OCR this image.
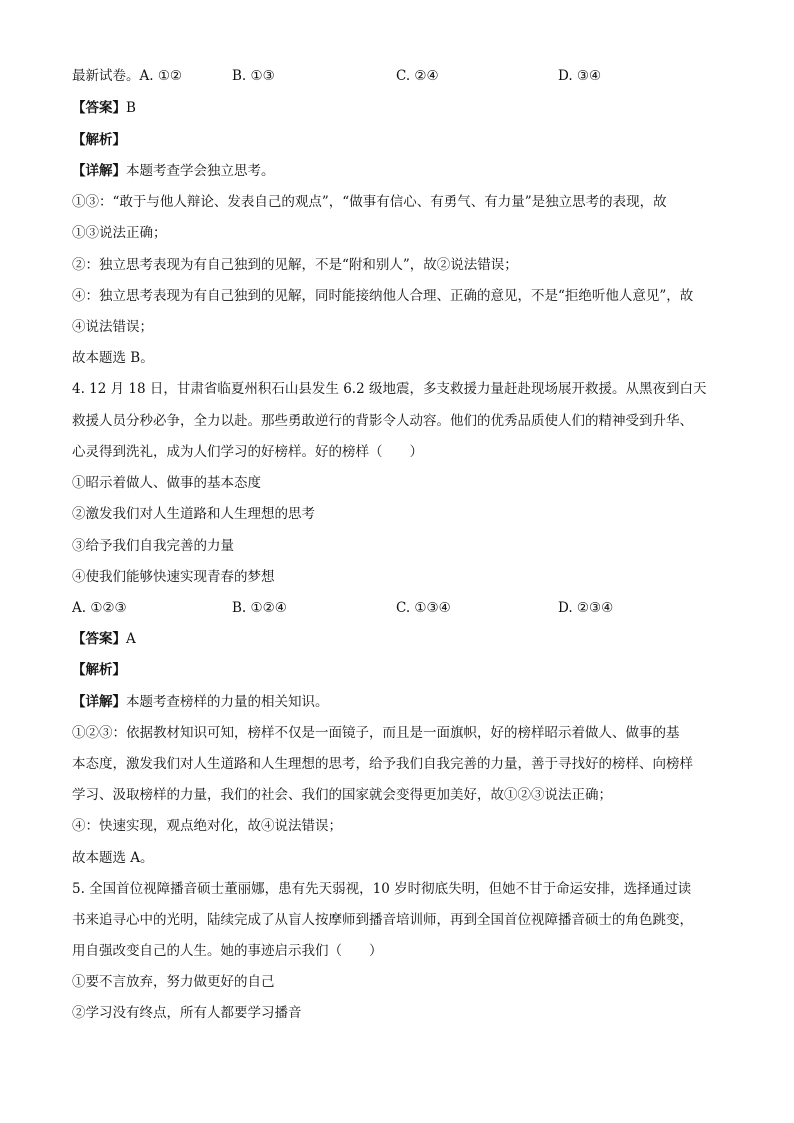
最新试卷。A. ①②	B. ①③	C. ②④	D. ③④
【答案】B
【解析】
【详解】本题考查学会独立思考。
①③：“敢于与他人辩论、发表自己的观点”，“做事有信心、有勇气、有力量”是独立思考的表现，故
①③说法正确；
②：独立思考表现为有自己独到的见解，不是“附和别人”，故②说法错误；
④：独立思考表现为有自己独到的见解，同时能接纳他人合理、正确的意见，不是“拒绝听他人意见”，故
④说法错误；
故本题选 B。
4. 12 月 18 日，甘肃省临夏州积石山县发生 6.2 级地震，多支救援力量赶赴现场展开救援。从黑夜到白天
救援人员分秒必争，全力以赴。那些勇敢逆行的背影令人动容。他们的优秀品质使人们的精神受到升华、
心灵得到洗礼，成为人们学习的好榜样。好的榜样（　　）
①昭示着做人、做事的基本态度
②激发我们对人生道路和人生理想的思考
③给予我们自我完善的力量
④使我们能够快速实现青春的梦想
A. ①②③	B. ①②④	C. ①③④	D. ②③④
【答案】A
【解析】
【详解】本题考查榜样的力量的相关知识。
①②③：依据教材知识可知，榜样不仅是一面镜子，而且是一面旗帜，好的榜样昭示着做人、做事的基
本态度，激发我们对人生道路和人生理想的思考，给予我们自我完善的力量，善于寻找好的榜样、向榜样
学习、汲取榜样的力量，我们的社会、我们的国家就会变得更加美好，故①②③说法正确；
④：快速实现，观点绝对化，故④说法错误；
故本题选 A。
5. 全国首位视障播音硕士董丽娜，患有先天弱视，10 岁时彻底失明，但她不甘于命运安排，选择通过读
书来追寻心中的光明，陆续完成了从盲人按摩师到播音培训师，再到全国首位视障播音硕士的角色跳变，
用自强改变自己的人生。她的事迹启示我们（　　）
①要不言放弃，努力做更好的自己
②学习没有终点，所有人都要学习播音
